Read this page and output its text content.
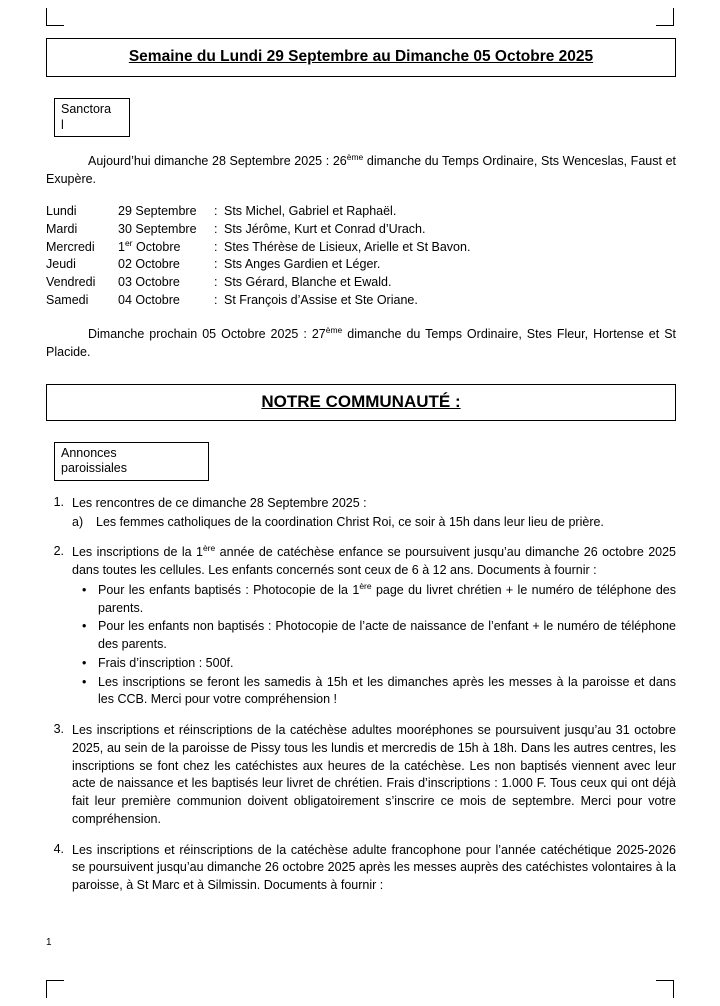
Semaine du Lundi 29 Septembre au Dimanche 05 Octobre 2025
Sanctora
l

Aujourd’hui dimanche 28 Septembre 2025 : 26ème dimanche du Temps Ordinaire, Sts Wenceslas, Faust et Exupère.

Lundi	29 Septembre	: Sts Michel, Gabriel et Raphaël.
Mardi	30 Septembre	: Sts Jérôme, Kurt et Conrad d’Urach.
Mercredi	1er Octobre	: Stes Thérèse de Lisieux, Arielle et St Bavon.
Jeudi	02 Octobre	: Sts Anges Gardien et Léger.
Vendredi	03 Octobre	: Sts Gérard, Blanche et Ewald.
Samedi	04 Octobre	: St François d’Assise et Ste Oriane.

Dimanche prochain 05 Octobre 2025 : 27ème dimanche du Temps Ordinaire, Stes Fleur, Hortense et St Placide.

NOTRE COMMUNAUTÉ :
Annonces
paroissiales
1. Les rencontres de ce dimanche 28 Septembre 2025 :
a)	Les femmes catholiques de la coordination Christ Roi, ce soir à 15h dans leur lieu de prière.
2. Les inscriptions de la 1ère année de catéchèse enfance se poursuivent jusqu’au dimanche 26 octobre 2025 dans toutes les cellules. Les enfants concernés sont ceux de 6 à 12 ans. Documents à fournir :
• Pour les enfants baptisés : Photocopie de la 1ère page du livret chrétien + le numéro de téléphone des parents.
• Pour les enfants non baptisés : Photocopie de l’acte de naissance de l’enfant + le numéro de téléphone des parents.
• Frais d’inscription : 500f.
• Les inscriptions se feront les samedis à 15h et les dimanches après les messes à la paroisse et dans les CCB. Merci pour votre compréhension !
3. Les inscriptions et réinscriptions de la catéchèse adultes mooréphones se poursuivent jusqu’au 31 octobre 2025, au sein de la paroisse de Pissy tous les lundis et mercredis de 15h à 18h. Dans les autres centres, les inscriptions se font chez les catéchistes aux heures de la catéchèse. Les non baptisés viennent avec leur acte de naissance et les baptisés leur livret de chrétien. Frais d’inscriptions : 1.000 F. Tous ceux qui ont déjà fait leur première communion doivent obligatoirement s’inscrire ce mois de septembre. Merci pour votre compréhension.
4. Les inscriptions et réinscriptions de la catéchèse adulte francophone pour l’année catéchétique 2025-2026 se poursuivent jusqu’au dimanche 26 octobre 2025 après les messes auprès des catéchistes volontaires à la paroisse, à St Marc et à Silmissin. Documents à fournir :
1
